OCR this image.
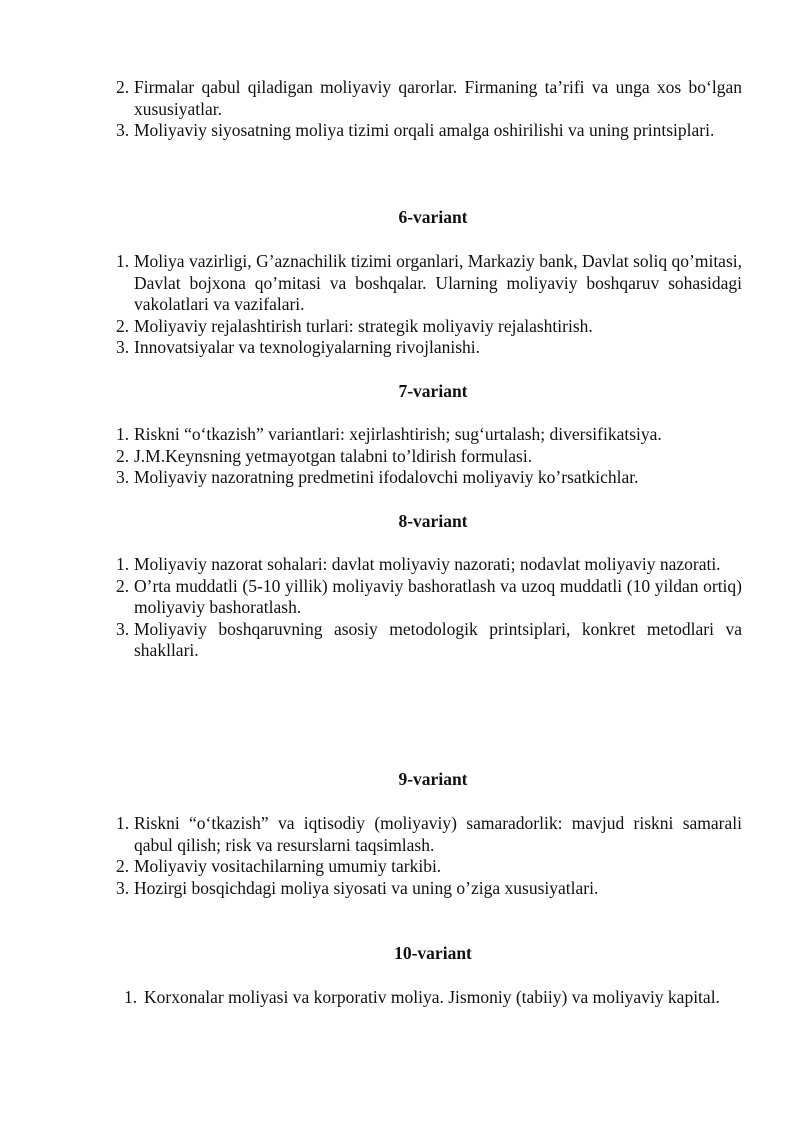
2. Firmalar qabul qiladigan moliyaviy qarorlar. Firmaning ta’rifi va unga xos bo‘lgan xususiyatlar.
3. Moliyaviy siyosatning moliya tizimi orqali amalga oshirilishi va uning printsiplari.
6-variant
1. Moliya vazirligi, G’aznachilik tizimi organlari, Markaziy bank, Davlat soliq qo’mitasi, Davlat bojxona qo’mitasi va boshqalar. Ularning moliyaviy boshqaruv sohasidagi vakolatlari va vazifalari.
2. Moliyaviy rejalashtirish turlari: strategik moliyaviy rejalashtirish.
3. Innovatsiyalar va texnologiyalarning rivojlanishi.
7-variant
1. Riskni “o‘tkazish” variantlari: xejirlashtirish; sug‘urtalash; diversifikatsiya.
2. J.M.Keynsning yetmayotgan talabni to’ldirish formulasi.
3. Moliyaviy nazoratning predmetini ifodalovchi moliyaviy ko’rsatkichlar.
8-variant
1. Moliyaviy nazorat sohalari: davlat moliyaviy nazorati; nodavlat moliyaviy nazorati.
2. O’rta muddatli (5-10 yillik) moliyaviy bashoratlash va uzoq muddatli (10 yildan ortiq) moliyaviy bashoratlash.
3. Moliyaviy boshqaruvning asosiy metodologik printsiplari, konkret metodlari va shakllari.
9-variant
1. Riskni “o‘tkazish” va iqtisodiy (moliyaviy) samaradorlik: mavjud riskni samarali qabul qilish; risk va resurslarni taqsimlash.
2. Moliyaviy vositachilarning umumiy tarkibi.
3. Hozirgi bosqichdagi moliya siyosati va uning o’ziga xususiyatlari.
10-variant
1. Korxonalar moliyasi va korporativ moliya. Jismoniy (tabiiy) va moliyaviy kapital.
